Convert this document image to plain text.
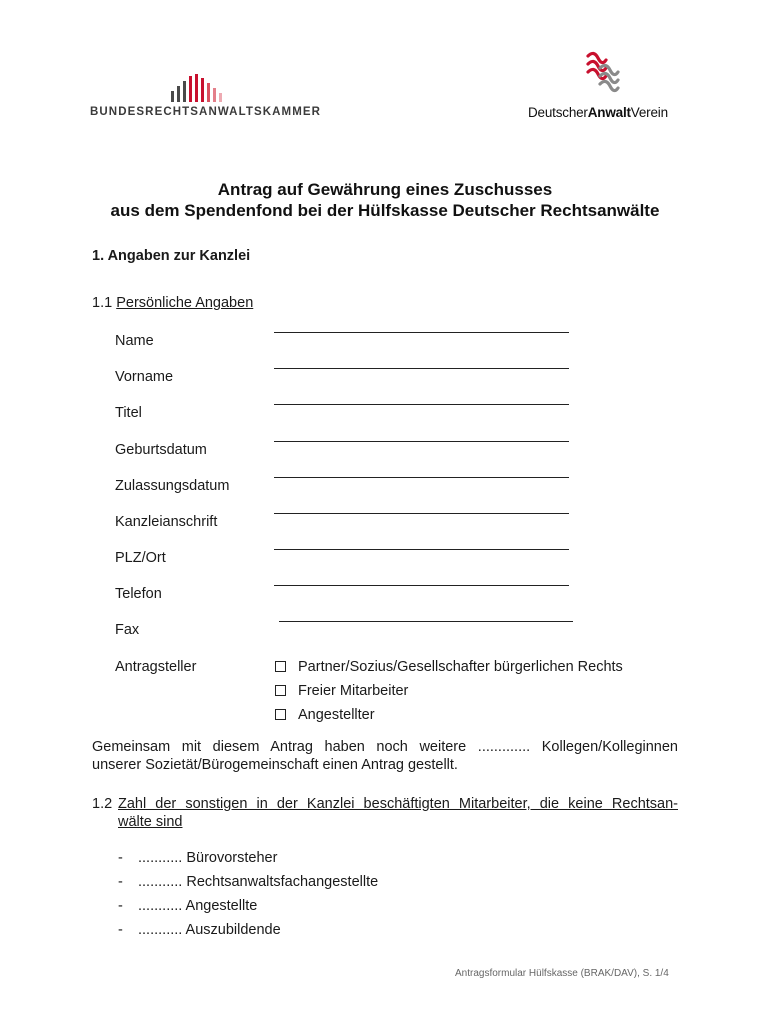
BUNDESRECHTSANWALTSKAMMER	DeutscherAnwaltVerein
Antrag auf Gewährung eines Zuschusses
aus dem Spendenfond bei der Hülfskasse Deutscher Rechtsanwälte
1. Angaben zur Kanzlei
1.1 Persönliche Angaben
Name
Vorname
Titel
Geburtsdatum
Zulassungsdatum
Kanzleianschrift
PLZ/Ort
Telefon
Fax
Antragsteller	Partner/Sozius/Gesellschafter bürgerlichen Rechts
Freier Mitarbeiter
Angestellter
Gemeinsam mit diesem Antrag haben noch weitere ............. Kollegen/Kolleginnen
unserer Sozietät/Bürogemeinschaft einen Antrag gestellt.
1.2 Zahl der sonstigen in der Kanzlei beschäftigten Mitarbeiter, die keine Rechtsan-
wälte sind
- ........... Bürovorsteher
- ........... Rechtsanwaltsfachangestellte
- ........... Angestellte
- ........... Auszubildende
Antragsformular Hülfskasse (BRAK/DAV), S. 1/4
